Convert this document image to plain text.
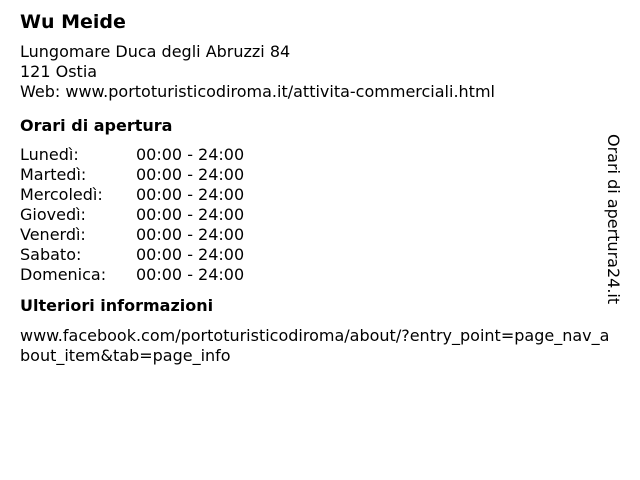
Wu Meide
Lungomare Duca degli Abruzzi 84
121 Ostia
Web: www.portoturisticodiroma.it/attivita-commerciali.html
Orari di apertura
Lunedì:	00:00 - 24:00
Martedì:	00:00 - 24:00
Mercoledì:	00:00 - 24:00
Giovedì:	00:00 - 24:00
Venerdì:	00:00 - 24:00
Sabato:	00:00 - 24:00
Domenica:	00:00 - 24:00
Ulteriori informazioni
www.facebook.com/portoturisticodiroma/about/?entry_point=page_nav_about_item&tab=page_info
Orari di apertura24.it
